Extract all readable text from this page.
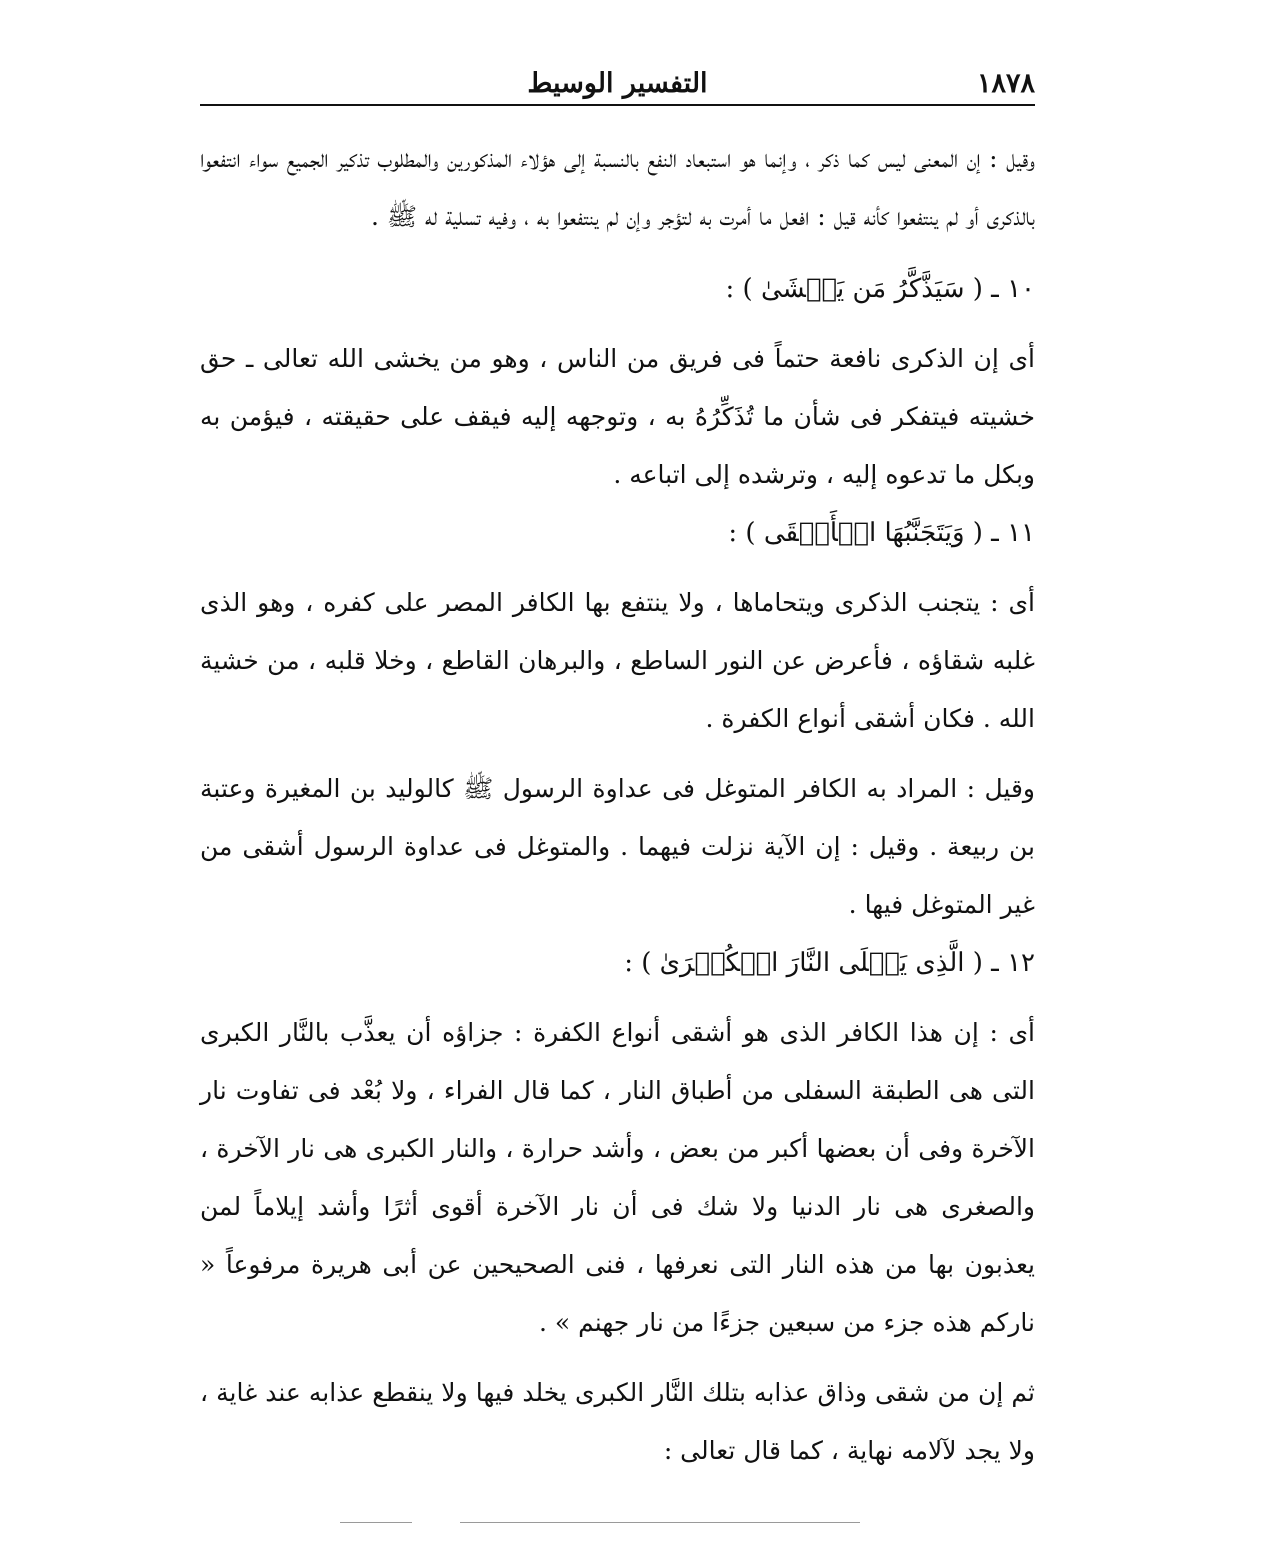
١٨٧٨
التفسير الوسيط

وقيل : إن المعنى ليس كما ذكر ، وإنما هو استبعاد النفع بالنسبة إلى هؤلاء المذكورين والمطلوب تذكير الجميع سواء انتفعوا بالذكرى أو لم ينتفعوا كأنه قيل : افعل ما أمرت به لتؤجر وإن لم ينتفعوا به ، وفيه تسلية له ﷺ .

١٠ ـ ( سَيَذَّكَّرُ مَن يَخۡشَىٰ ) :

أى إن الذكرى نافعة حتماً فى فريق من الناس ، وهو من يخشى الله تعالى ـ حق خشيته فيتفكر فى شأن ما تُذَكِّرُهُ به ، وتوجهه إليه فيقف على حقيقته ، فيؤمن به وبكل ما تدعوه إليه ، وترشده إلى اتباعه .

١١ ـ ( وَيَتَجَنَّبُهَا الۡأَشۡقَى ) :

أى : يتجنب الذكرى ويتحاماها ، ولا ينتفع بها الكافر المصر على كفره ، وهو الذى غلبه شقاؤه ، فأعرض عن النور الساطع ، والبرهان القاطع ، وخلا قلبه ، من خشية الله . فكان أشقى أنواع الكفرة .

وقيل : المراد به الكافر المتوغل فى عداوة الرسول ﷺ كالوليد بن المغيرة وعتبة بن ربيعة . وقيل : إن الآية نزلت فيهما . والمتوغل فى عداوة الرسول أشقى من غير المتوغل فيها .

١٢ ـ ( الَّذِى يَصۡلَى النَّارَ الۡكُبۡرَىٰ ) :

أى : إن هذا الكافر الذى هو أشقى أنواع الكفرة : جزاؤه أن يعذَّب بالنَّار الكبرى التى هى الطبقة السفلى من أطباق النار ، كما قال الفراء ، ولا بُعْد فى تفاوت نار الآخرة وفى أن بعضها أكبر من بعض ، وأشد حرارة ، والنار الكبرى هى نار الآخرة ، والصغرى هى نار الدنيا ولا شك فى أن نار الآخرة أقوى أثرًا وأشد إيلاماً لمن يعذبون بها من هذه النار التى نعرفها ، فنى الصحيحين عن أبى هريرة مرفوعاً « ناركم هذه جزء من سبعين جزءًا من نار جهنم » .

ثم إن من شقى وذاق عذابه بتلك النَّار الكبرى يخلد فيها ولا ينقطع عذابه عند غاية ، ولا يجد لآلامه نهاية ، كما قال تعالى :
